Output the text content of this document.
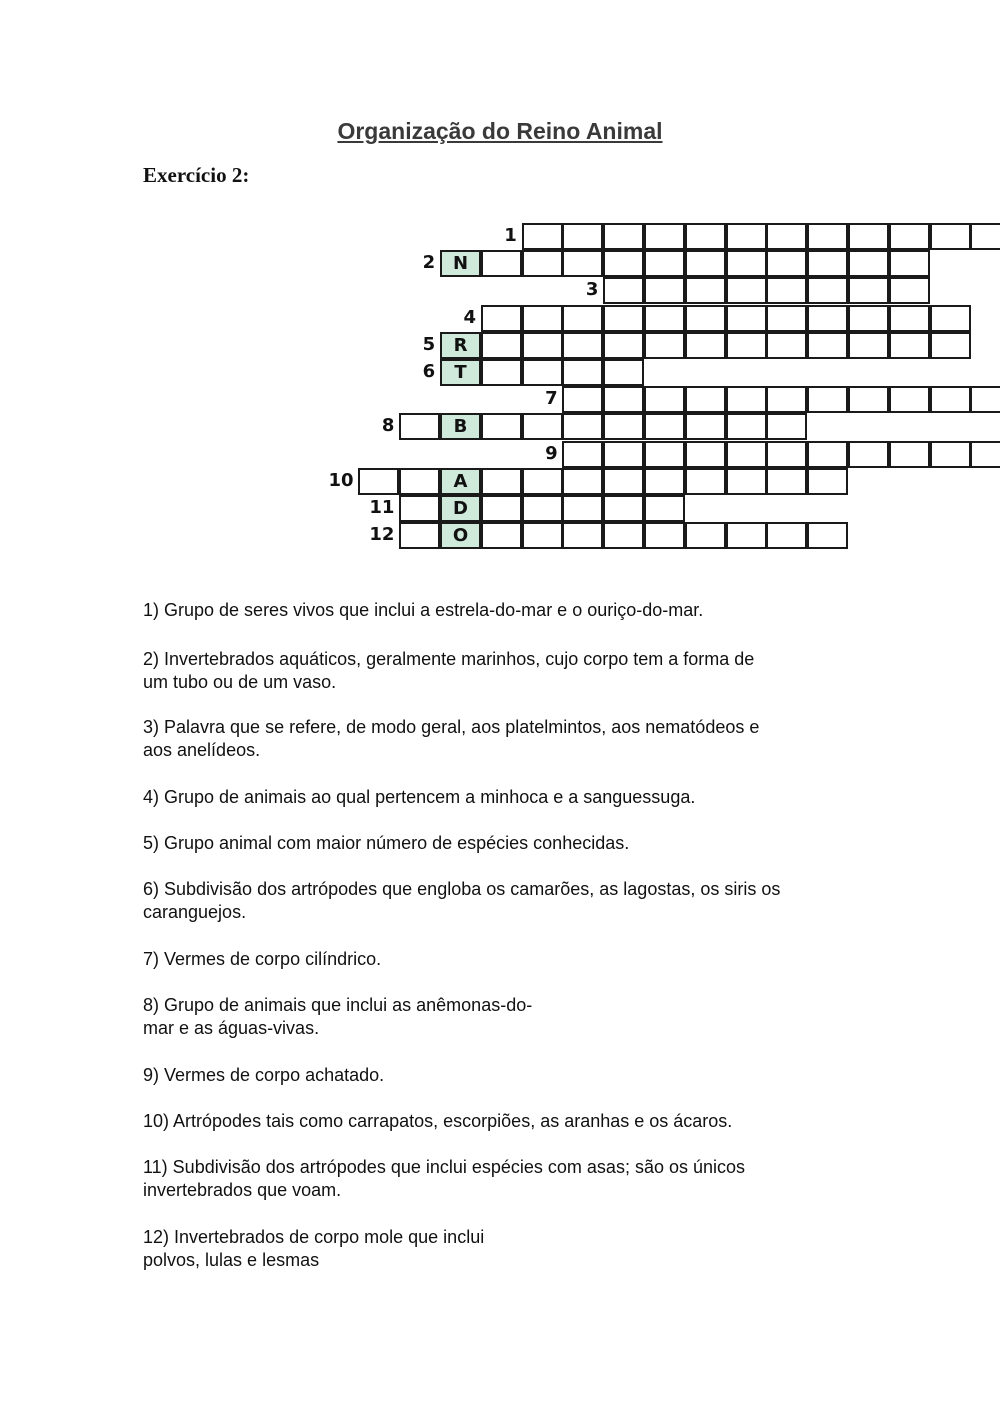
Organização do Reino Animal

Exercício 2:

1
2 N
3
4
5	R
6	T
7
8	B
9
10	A
11	D
12	O

1) Grupo de seres vivos que inclui a estrela-do-mar e o ouriço-do-mar.

2) Invertebrados aquáticos, geralmente marinhos, cujo corpo tem a forma de
um tubo ou de um vaso.

3) Palavra que se refere, de modo geral, aos platelmintos, aos nematódeos e
aos anelídeos.

4) Grupo de animais ao qual pertencem a minhoca e a sanguessuga.

5) Grupo animal com maior número de espécies conhecidas.

6) Subdivisão dos artrópodes que engloba os camarões, as lagostas, os siris os
caranguejos.

7) Vermes de corpo cilíndrico.

8) Grupo de animais que inclui as anêmonas-do-
mar e as águas-vivas.

9) Vermes de corpo achatado.

10) Artrópodes tais como carrapatos, escorpiões, as aranhas e os ácaros.

11) Subdivisão dos artrópodes que inclui espécies com asas; são os únicos
invertebrados que voam.

12) Invertebrados de corpo mole que inclui
polvos, lulas e lesmas
